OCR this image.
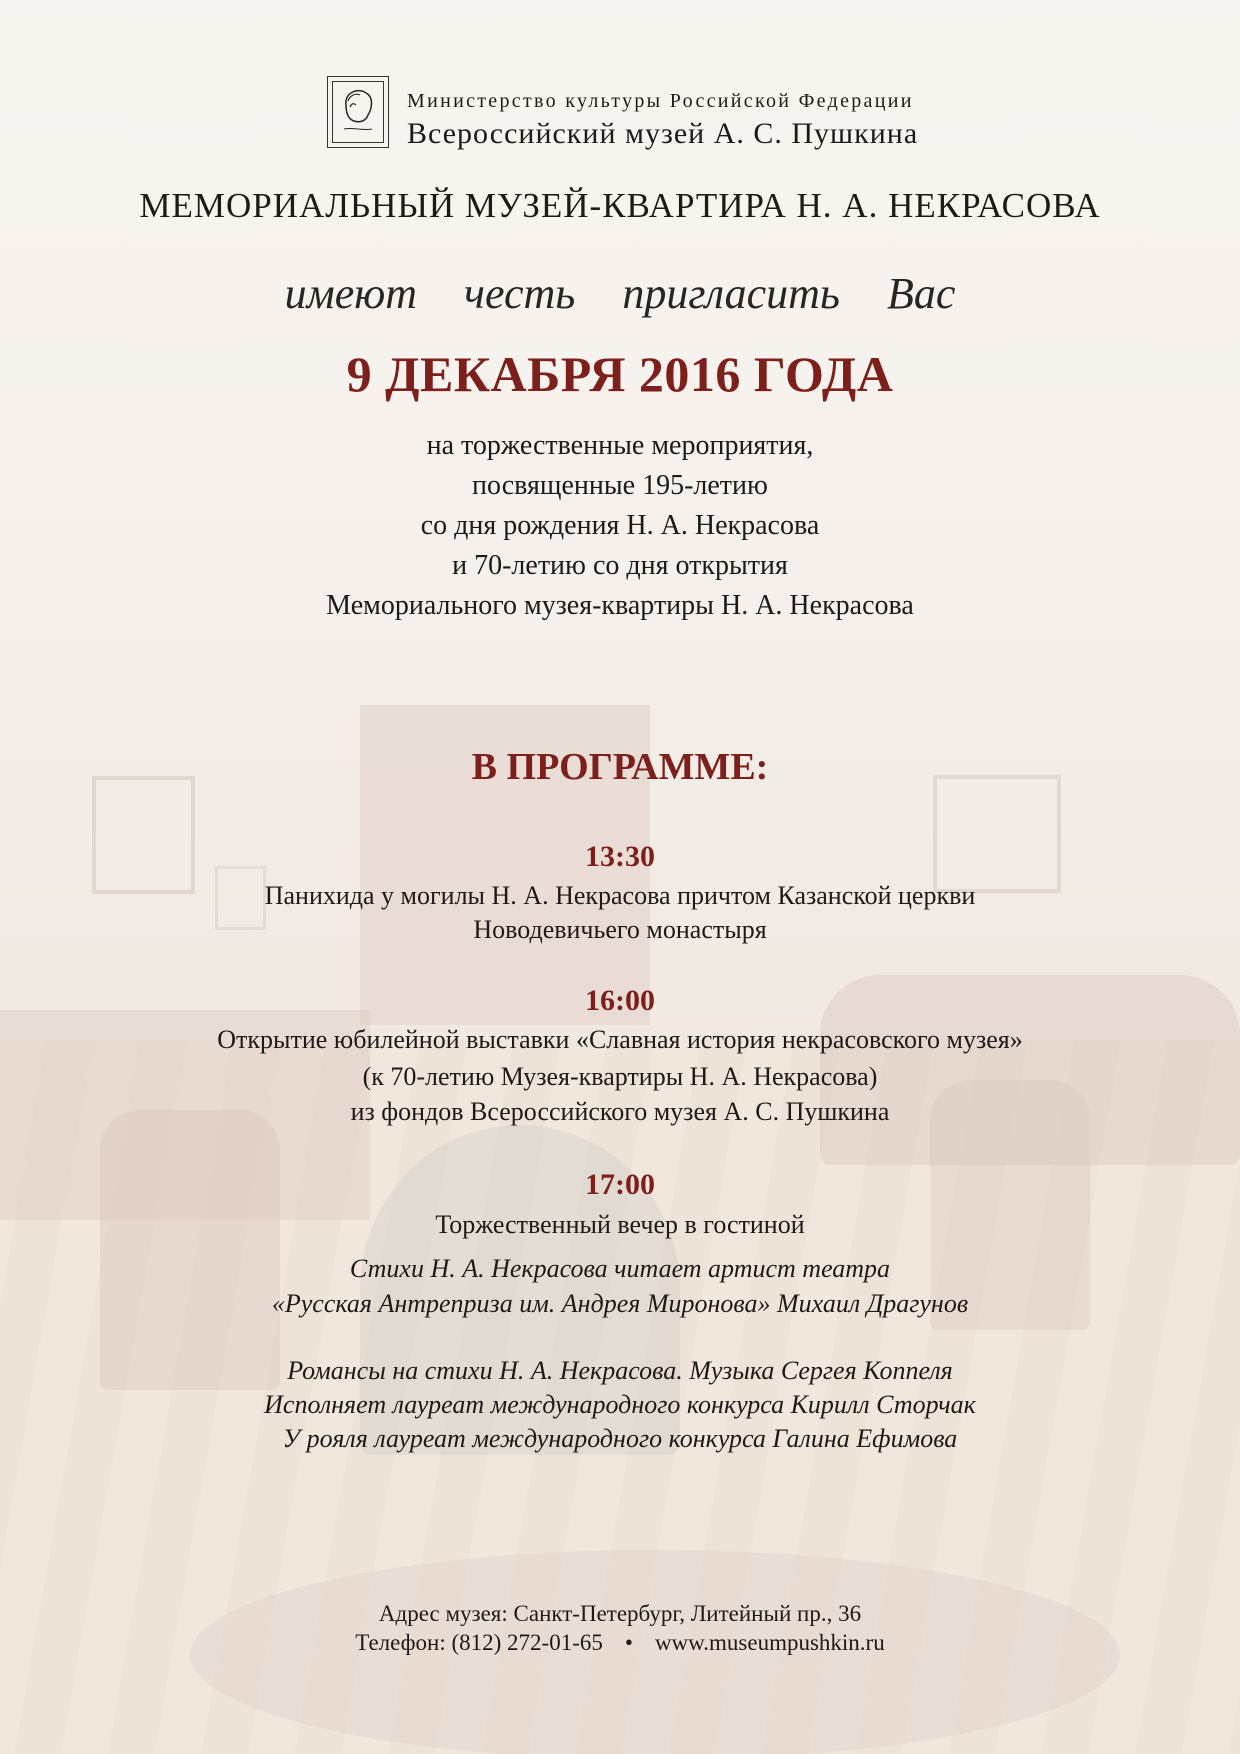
Министерство культуры Российской Федерации
Всероссийский музей А. С. Пушкина
МЕМОРИАЛЬНЫЙ МУЗЕЙ-КВАРТИРА Н. А. НЕКРАСОВА
имеют честь пригласить Вас
9 ДЕКАБРЯ 2016 ГОДА
на торжественные мероприятия,
посвященные 195-летию
со дня рождения Н. А. Некрасова
и 70-летию со дня открытия
Мемориального музея-квартиры Н. А. Некрасова
В ПРОГРАММЕ:
13:30
Панихида у могилы Н. А. Некрасова причтом Казанской церкви
Новодевичьего монастыря
16:00
Открытие юбилейной выставки «Славная история некрасовского музея»
(к 70-летию Музея-квартиры Н. А. Некрасова)
из фондов Всероссийского музея А. С. Пушкина
17:00
Торжественный вечер в гостиной
Стихи Н. А. Некрасова читает артист театра
«Русская Антреприза им. Андрея Миронова» Михаил Драгунов
Романсы на стихи Н. А. Некрасова. Музыка Сергея Коппеля
Исполняет лауреат международного конкурса Кирилл Сторчак
У рояля лауреат международного конкурса Галина Ефимова
Адрес музея: Санкт-Петербург, Литейный пр., 36
Телефон: (812) 272-01-65 • www.museumpushkin.ru
